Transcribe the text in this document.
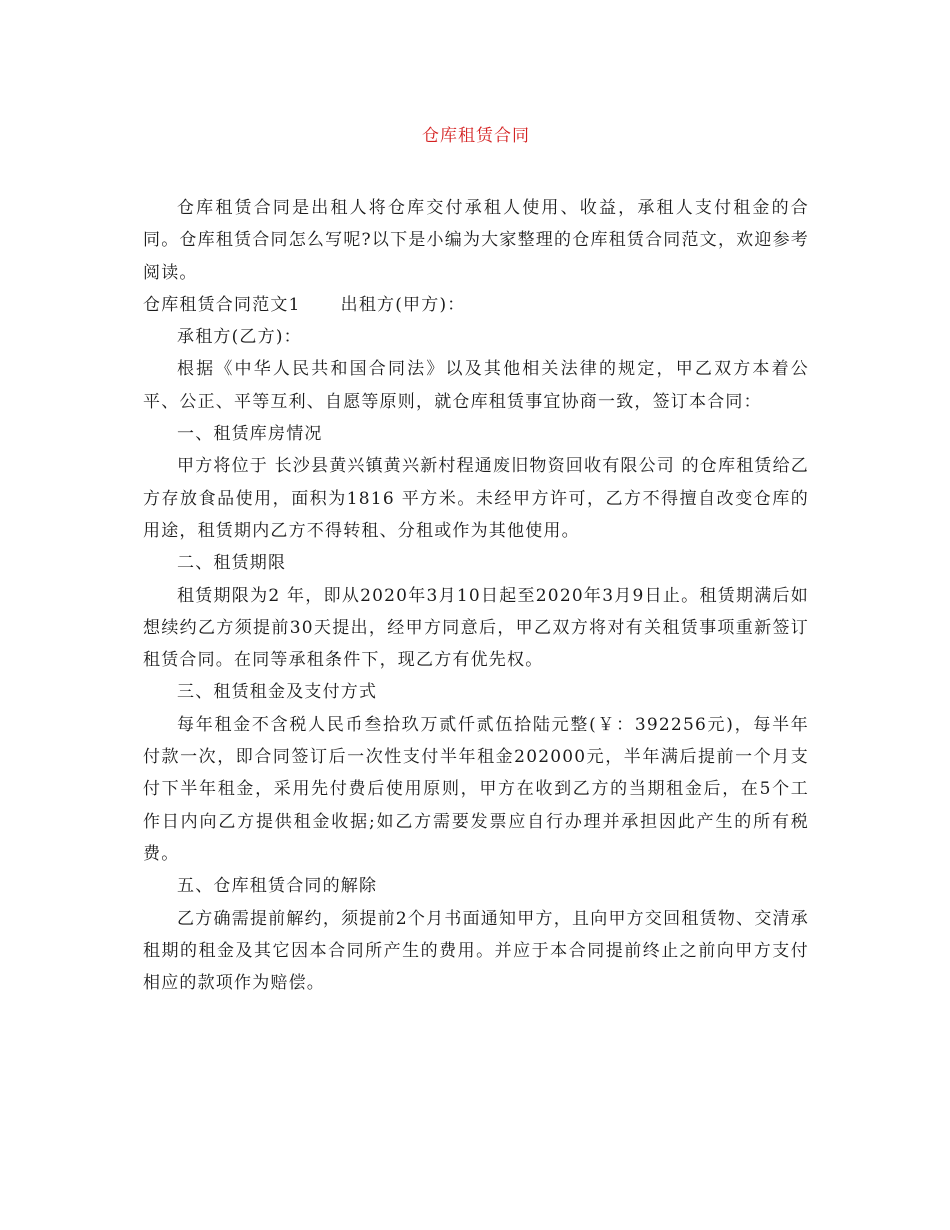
仓库租赁合同

仓库租赁合同是出租人将仓库交付承租人使用、收益，承租人支付租金的合同。仓库租赁合同怎么写呢?以下是小编为大家整理的仓库租赁合同范文，欢迎参考阅读。

仓库租赁合同范文1 出租方(甲方)：

承租方(乙方)：

根据《中华人民共和国合同法》以及其他相关法律的规定，甲乙双方本着公平、公正、平等互利、自愿等原则，就仓库租赁事宜协商一致，签订本合同：

一、租赁库房情况

甲方将位于 长沙县黄兴镇黄兴新村程通废旧物资回收有限公司 的仓库租赁给乙方存放食品使用，面积为1816 平方米。未经甲方许可，乙方不得擅自改变仓库的用途，租赁期内乙方不得转租、分租或作为其他使用。

二、租赁期限

租赁期限为2 年，即从2020年3月10日起至2020年3月9日止。租赁期满后如想续约乙方须提前30天提出，经甲方同意后，甲乙双方将对有关租赁事项重新签订租赁合同。在同等承租条件下，现乙方有优先权。

三、租赁租金及支付方式

每年租金不含税人民币叁拾玖万贰仟贰伍拾陆元整(￥：392256元)，每半年付款一次，即合同签订后一次性支付半年租金202000元，半年满后提前一个月支付下半年租金，采用先付费后使用原则，甲方在收到乙方的当期租金后，在5个工作日内向乙方提供租金收据;如乙方需要发票应自行办理并承担因此产生的所有税费。

五、仓库租赁合同的解除

乙方确需提前解约，须提前2个月书面通知甲方，且向甲方交回租赁物、交清承租期的租金及其它因本合同所产生的费用。并应于本合同提前终止之前向甲方支付相应的款项作为赔偿。
